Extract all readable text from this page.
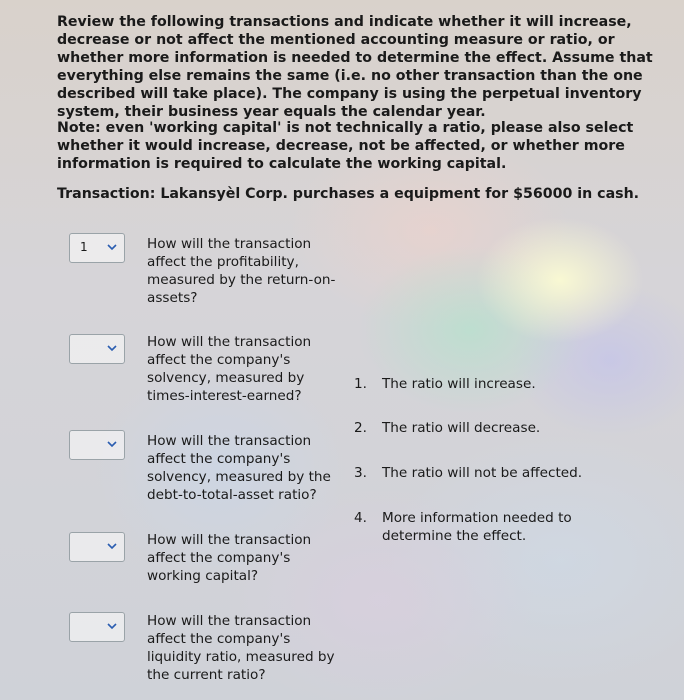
Review the following transactions and indicate whether it will increase, decrease or not affect the mentioned accounting measure or ratio, or whether more information is needed to determine the effect. Assume that everything else remains the same (i.e. no other transaction than the one described will take place). The company is using the perpetual inventory system, their business year equals the calendar year.
Note: even 'working capital' is not technically a ratio, please also select whether it would increase, decrease, not be affected, or whether more information is required to calculate the working capital.
Transaction: Lakansyèl Corp. purchases a equipment for $56000 in cash.
1	How will the transaction affect the profitability, measured by the return-on-assets?
How will the transaction affect the company's solvency, measured by times-interest-earned?
How will the transaction affect the company's solvency, measured by the debt-to-total-asset ratio?
How will the transaction affect the company's working capital?
How will the transaction affect the company's liquidity ratio, measured by the current ratio?
1. The ratio will increase.
2. The ratio will decrease.
3. The ratio will not be affected.
4. More information needed to determine the effect.
